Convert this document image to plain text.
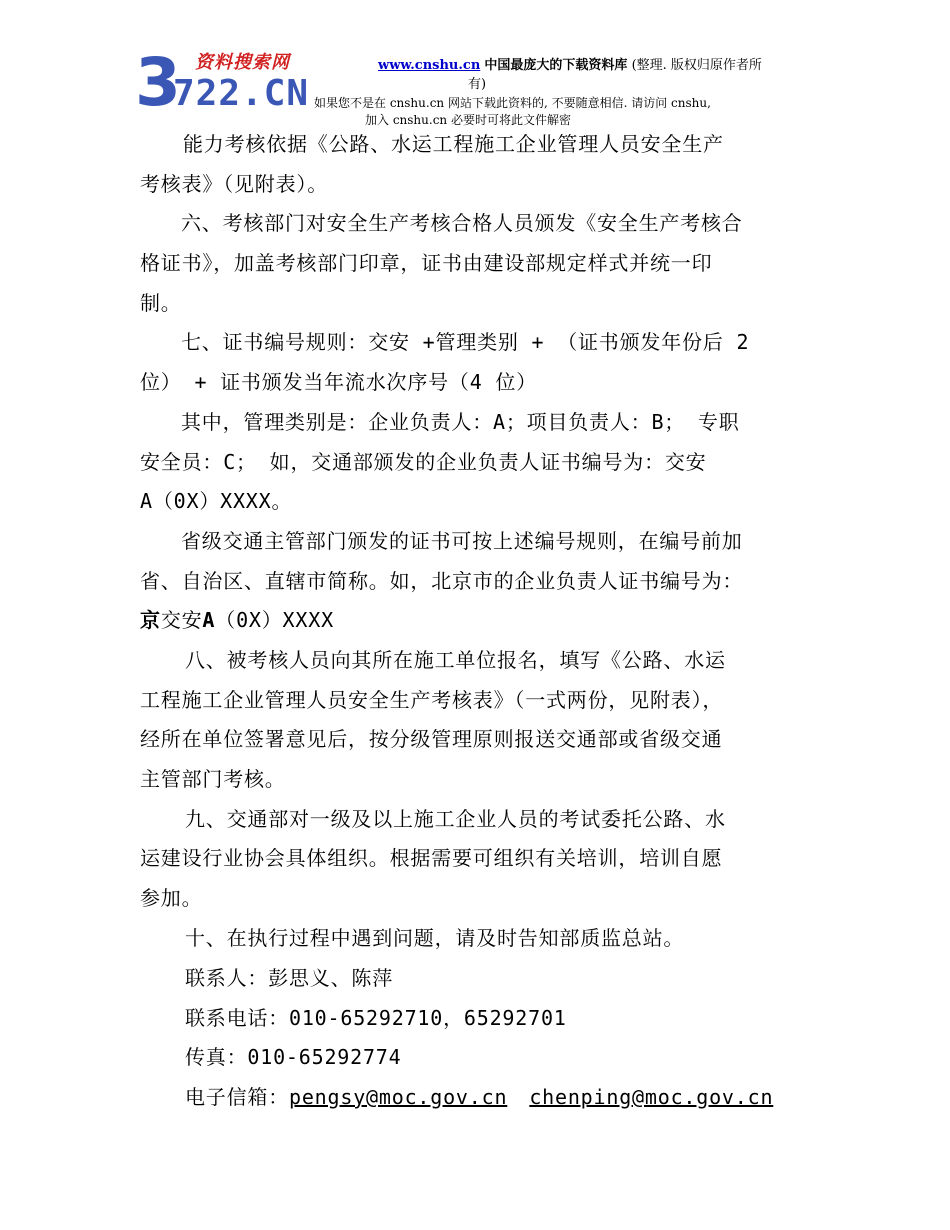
资料搜索网
3
722.CN
www.cnshu.cn 中国最庞大的下载资料库 (整理. 版权归原作者所
有)
如果您不是在 cnshu.cn 网站下载此资料的, 不要随意相信. 请访问 cnshu,
加入 cnshu.cn 必要时可将此文件解密
能力考核依据《公路、水运工程施工企业管理人员安全生产
考核表》（见附表）。
六、考核部门对安全生产考核合格人员颁发《安全生产考核合
格证书》，加盖考核部门印章，证书由建设部规定样式并统一印
制。
七、证书编号规则：交安 +管理类别 + （证书颁发年份后 2
位） + 证书颁发当年流水次序号（4 位）
其中，管理类别是：企业负责人：A；项目负责人：B； 专职
安全员：C； 如，交通部颁发的企业负责人证书编号为：交安
A（0X）XXXX。
省级交通主管部门颁发的证书可按上述编号规则，在编号前加
省、自治区、直辖市简称。如，北京市的企业负责人证书编号为：
京交安A（0X）XXXX
八、被考核人员向其所在施工单位报名，填写《公路、水运
工程施工企业管理人员安全生产考核表》（一式两份，见附表），
经所在单位签署意见后，按分级管理原则报送交通部或省级交通
主管部门考核。
九、交通部对一级及以上施工企业人员的考试委托公路、水
运建设行业协会具体组织。根据需要可组织有关培训，培训自愿
参加。
十、在执行过程中遇到问题，请及时告知部质监总站。
联系人：彭思义、陈萍
联系电话：010-65292710，65292701
传真：010-65292774
电子信箱：pengsy@moc.gov.cn chenping@moc.gov.cn
